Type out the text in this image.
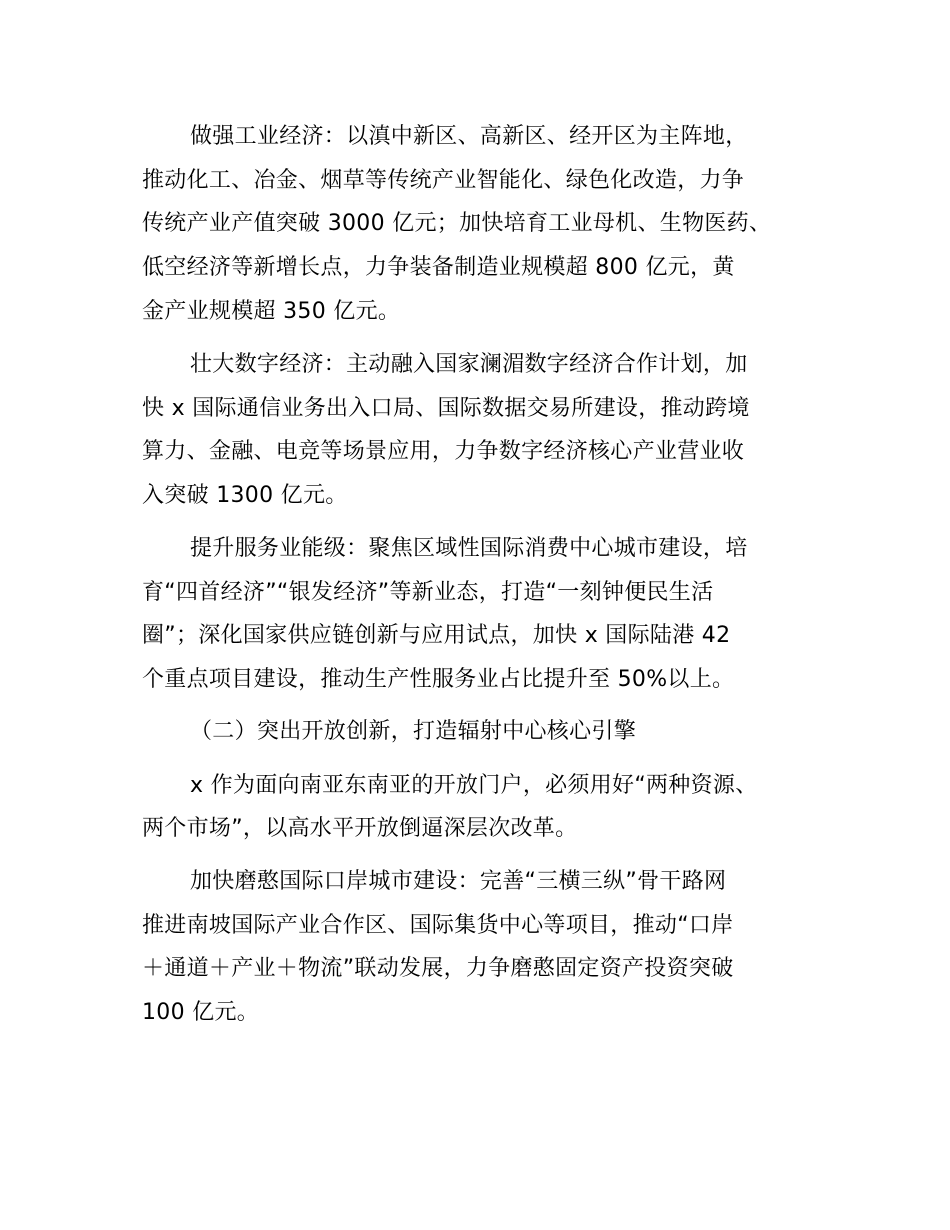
做强工业经济：以滇中新区、高新区、经开区为主阵地，
推动化工、冶金、烟草等传统产业智能化、绿色化改造，力争
传统产业产值突破 3000 亿元；加快培育工业母机、生物医药、
低空经济等新增长点，力争装备制造业规模超 800 亿元，黄
金产业规模超 350 亿元。
壮大数字经济：主动融入国家澜湄数字经济合作计划，加
快 x 国际通信业务出入口局、国际数据交易所建设，推动跨境
算力、金融、电竞等场景应用，力争数字经济核心产业营业收
入突破 1300 亿元。
提升服务业能级：聚焦区域性国际消费中心城市建设，培
育“四首经济”“银发经济”等新业态，打造“一刻钟便民生活
圈”；深化国家供应链创新与应用试点，加快 x 国际陆港 42
个重点项目建设，推动生产性服务业占比提升至 50%以上。
（二）突出开放创新，打造辐射中心核心引擎
x 作为面向南亚东南亚的开放门户，必须用好“两种资源、
两个市场”，以高水平开放倒逼深层次改革。
加快磨憨国际口岸城市建设：完善“三横三纵”骨干路网
推进南坡国际产业合作区、国际集货中心等项目，推动“口岸
＋通道＋产业＋物流”联动发展，力争磨憨固定资产投资突破
100 亿元。
